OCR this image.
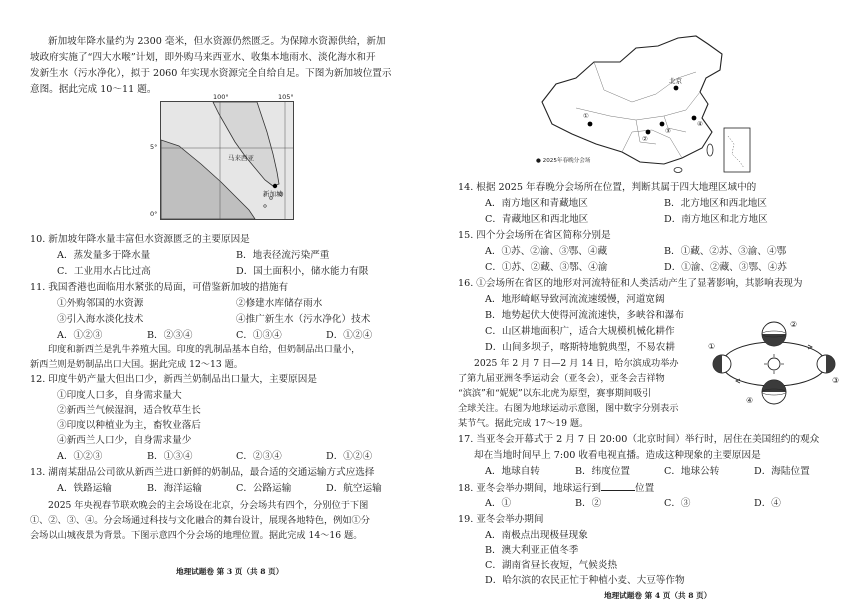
新加坡年降水量约为 2300 毫米，但水资源仍然匮乏。为保障水资源供给，新加
坡政府实施了“四大水喉”计划，即外购马来西亚水、收集本地雨水、淡化海水和开
发新生水（污水净化），拟于 2060 年实现水资源完全自给自足。下图为新加坡位置示
意图。据此完成 10～11 题。
马来西亚
新加坡
100°	105°
5°
0°
10. 新加坡年降水量丰富但水资源匮乏的主要原因是
A．蒸发量多于降水量	B．地表径流污染严重
C．工业用水占比过高	D．国土面积小，储水能力有限
11. 我国香港也面临用水紧张的局面，可借鉴新加坡的措施有
①外购邻国的水资源	②修建水库储存雨水
③引入海水淡化技术	④推广新生水（污水净化）技术
A．①②③	B．②③④	C．①③④	D．①②④
印度和新西兰是乳牛养殖大国。印度的乳制品基本自给，但奶制品出口量小，
新西兰则是奶制品出口大国。据此完成 12～13 题。
12. 印度牛奶产量大但出口少，新西兰奶制品出口量大，主要原因是
①印度人口多，自身需求量大
②新西兰气候湿润，适合牧草生长
③印度以种植业为主，畜牧业落后
④新西兰人口少，自身需求量少
A．①②③	B．①③④	C．②③④	D．①②④
13. 湖南某甜品公司欲从新西兰进口新鲜的奶制品，最合适的交通运输方式应选择
A．铁路运输	B．海洋运输	C．公路运输	D．航空运输
2025 年央视春节联欢晚会的主会场设在北京，分会场共有四个，分别位于下图
①、②、③、④。分会场通过科技与文化融合的舞台设计，展现各地特色，例如①分
会场以山城夜景为背景。下图示意四个分会场的地理位置。据此完成 14～16 题。
地理试题卷 第 3 页（共 8 页）
北京
①
②
③
④
● 2025年春晚分会场
14. 根据 2025 年春晚分会场所在位置，判断其属于四大地理区域中的
A．南方地区和青藏地区	B．北方地区和西北地区
C．青藏地区和西北地区	D．南方地区和北方地区
15. 四个分会场所在省区简称分别是
A．①苏、②渝、③鄂、④藏	B．①藏、②苏、③渝、④鄂
C．①苏、②藏、③鄂、④渝	D．①渝、②藏、③鄂、④苏
16. ①会场所在省区的地形对河流特征和人类活动产生了显著影响，其影响表现为
A．地形崎岖导致河流流速缓慢，河道宽阔
B．地势起伏大使得河流流速快，多峡谷和瀑布
C．山区耕地面积广，适合大规模机械化耕作
D．山间多坝子，喀斯特地貌典型，不易农耕
2025 年 2 月 7 日—2 月 14 日，哈尔滨成功举办
了第九届亚洲冬季运动会（亚冬会），亚冬会吉祥物
“滨滨”和“妮妮”以东北虎为原型，赛事期间吸引
全球关注。右图为地球运动示意图，图中数字分别表示
某节气。据此完成 17～19 题。
①
②
③
④
17. 当亚冬会开幕式于 2 月 7 日 20:00（北京时间）举行时，居住在美国纽约的观众
却在当地时间早上 7:00 收看电视直播。造成这种现象的主要原因是
A．地球自转	B．纬度位置	C．地球公转	D．海陆位置
18. 亚冬会举办期间，地球运行到	位置
A．①	B．②	C．③	D．④
19. 亚冬会举办期间
A．南极点出现极昼现象
B．澳大利亚正值冬季
C．湖南省昼长夜短，气候炎热
D．哈尔滨的农民正忙于种植小麦、大豆等作物
地理试题卷 第 4 页（共 8 页）
